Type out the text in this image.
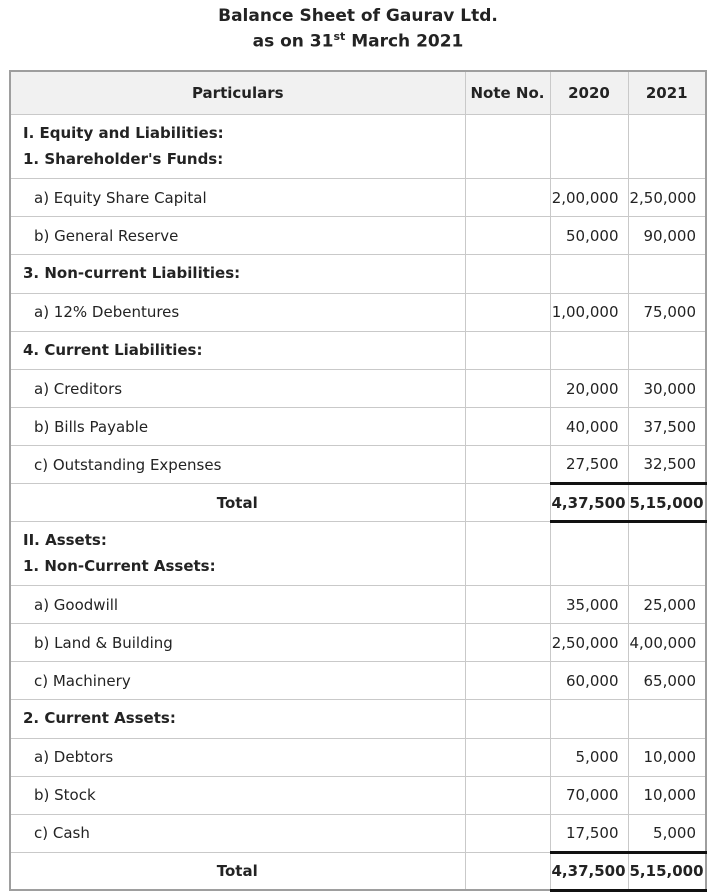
Balance Sheet of Gaurav Ltd.
as on 31st March 2021
Particulars	Note No.	2020	2021

I. Equity and Liabilities:
1. Shareholder's Funds:			

a) Equity Share Capital		2,00,000	2,50,000
b) General Reserve		50,000	90,000

3. Non-current Liabilities:			

a) 12% Debentures		1,00,000	75,000

4. Current Liabilities:			

a) Creditors		20,000	30,000
b) Bills Payable		40,000	37,500
c) Outstanding Expenses		27,500	32,500
Total		4,37,500	5,15,000

II. Assets:
1. Non-Current Assets:			

a) Goodwill		35,000	25,000
b) Land & Building		2,50,000	4,00,000
c) Machinery		60,000	65,000

2. Current Assets:			

a) Debtors		5,000	10,000
b) Stock		70,000	10,000
c) Cash		17,500	5,000
Total		4,37,500	5,15,000
